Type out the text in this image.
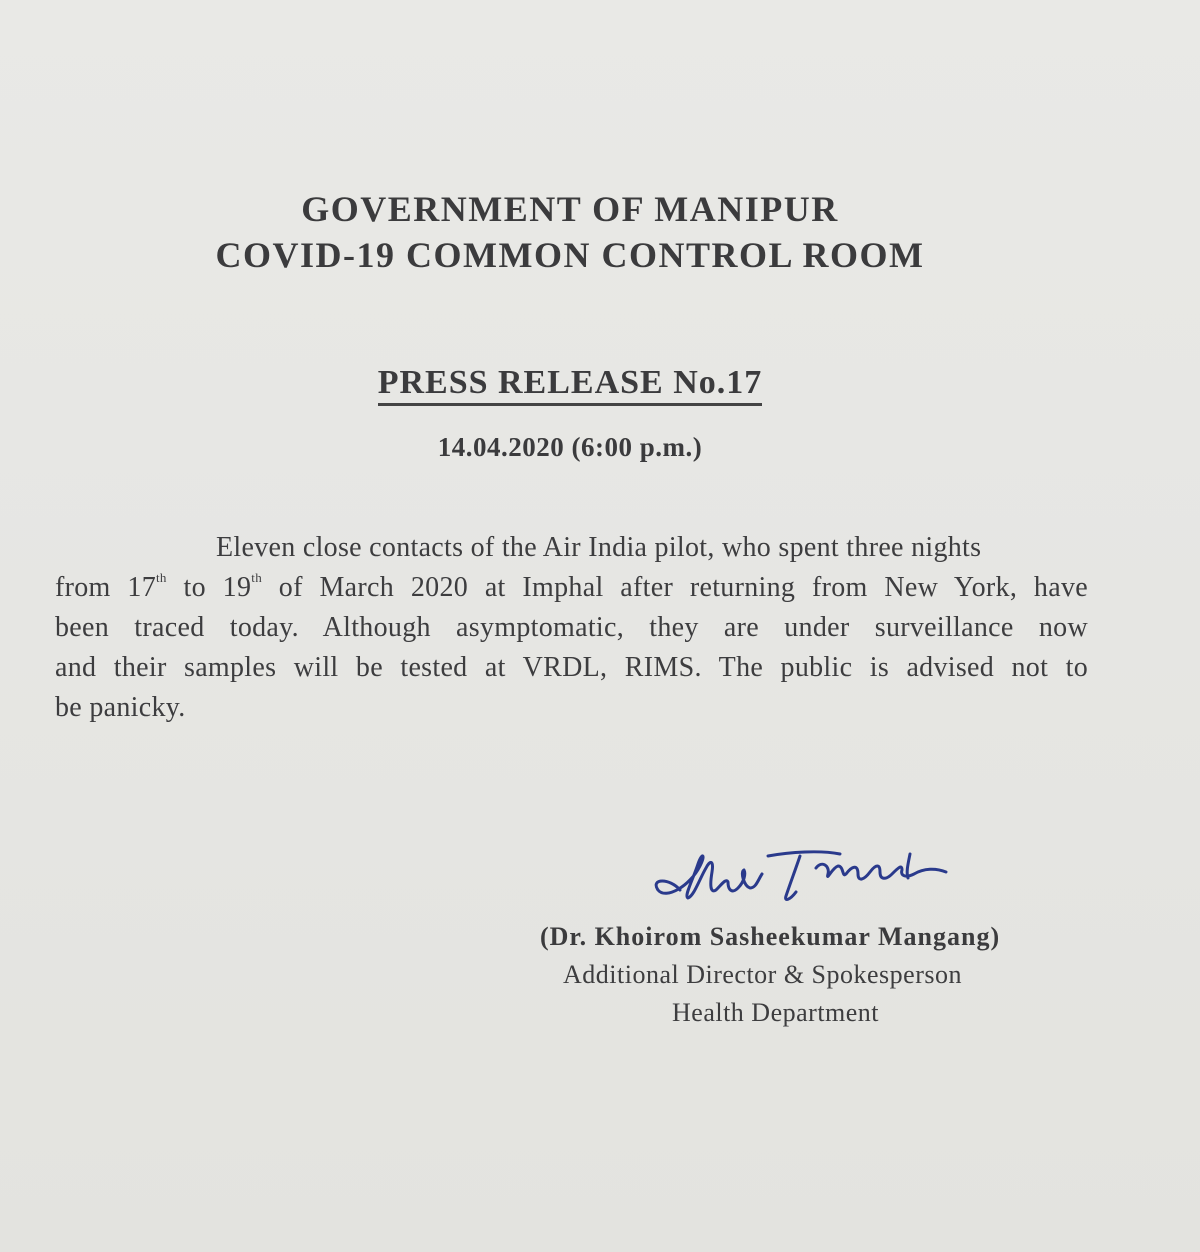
GOVERNMENT OF MANIPUR
COVID-19 COMMON CONTROL ROOM
PRESS RELEASE No.17
14.04.2020 (6:00 p.m.)
Eleven close contacts of the Air India pilot, who spent three nights
from 17th to 19th of March 2020 at Imphal after returning from New York, have
been traced today. Although asymptomatic, they are under surveillance now
and their samples will be tested at VRDL, RIMS. The public is advised not to
be panicky.
(Dr. Khoirom Sasheekumar Mangang)
Additional Director & Spokesperson
Health Department
